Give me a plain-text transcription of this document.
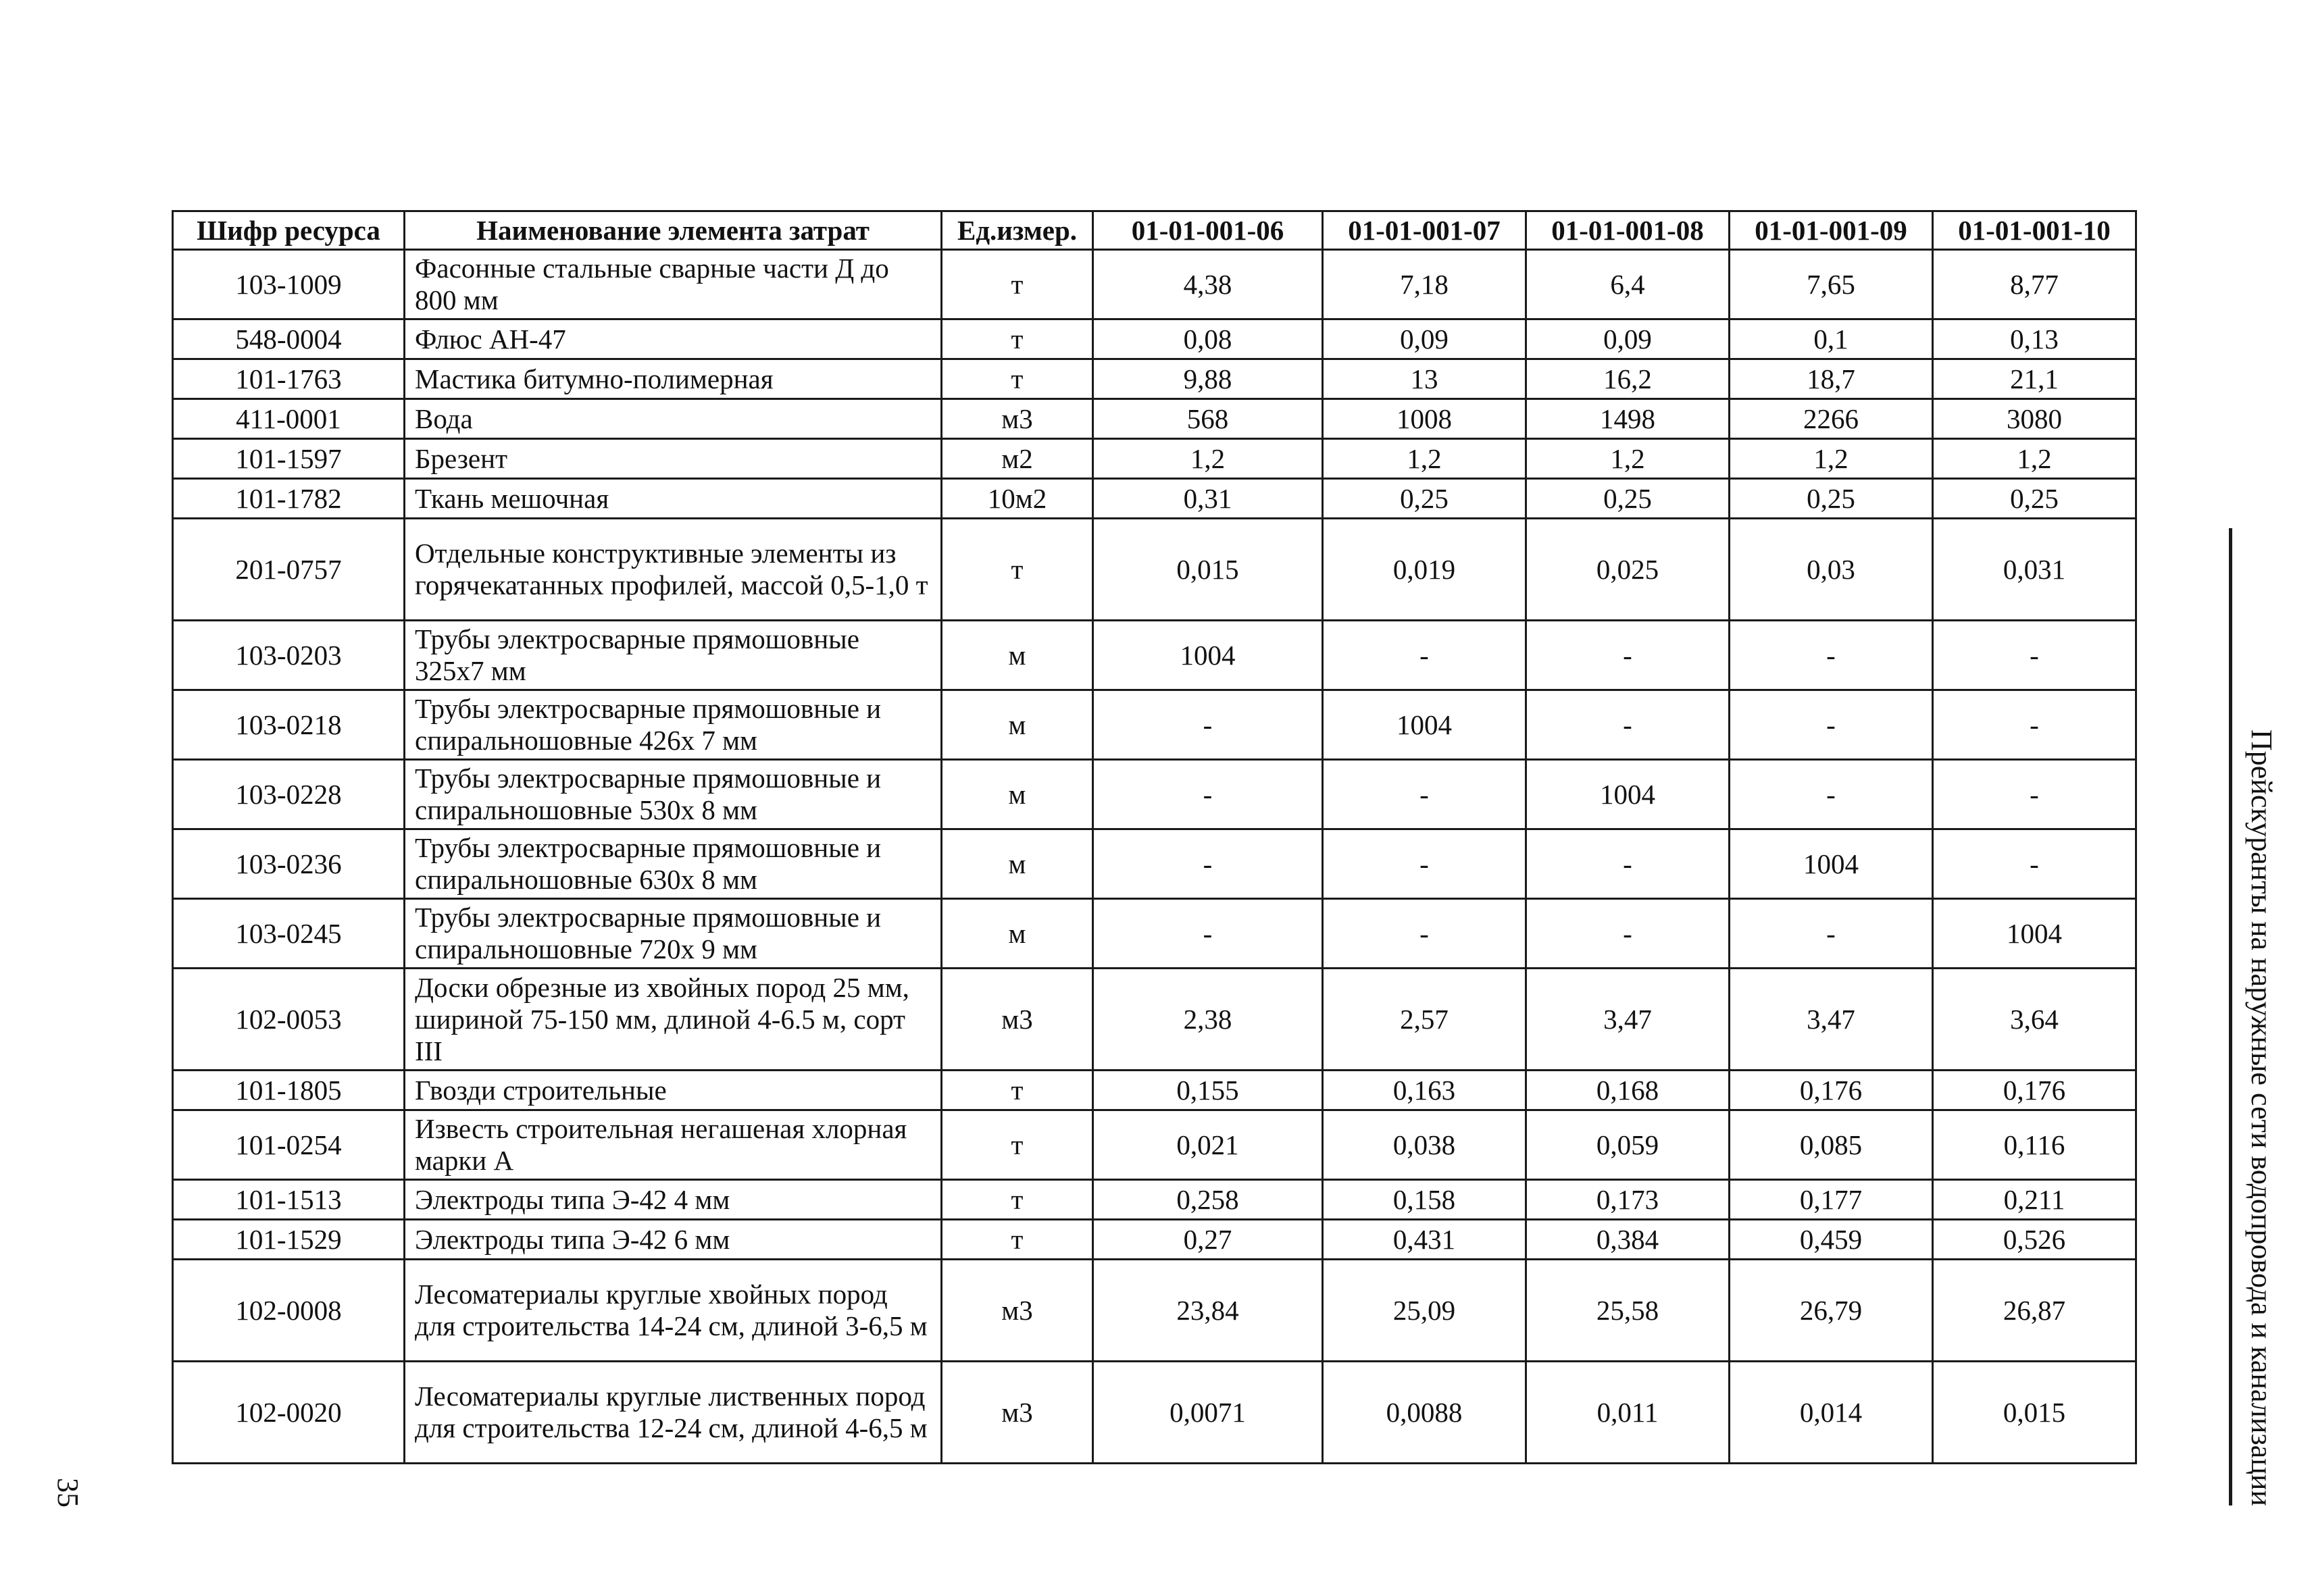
Шифр ресурса	Наименование элемента затрат	Ед.измер.	01-01-001-06	01-01-001-07	01-01-001-08	01-01-001-09	01-01-001-10
103-1009	Фасонные стальные сварные части Д до 800 мм	т	4,38	7,18	6,4	7,65	8,77
548-0004	Флюс АН-47	т	0,08	0,09	0,09	0,1	0,13
101-1763	Мастика битумно-полимерная	т	9,88	13	16,2	18,7	21,1
411-0001	Вода	м3	568	1008	1498	2266	3080
101-1597	Брезент	м2	1,2	1,2	1,2	1,2	1,2
101-1782	Ткань мешочная	10м2	0,31	0,25	0,25	0,25	0,25
201-0757	Отдельные конструктивные элементы из горячекатанных профилей, массой 0,5-1,0 т	т	0,015	0,019	0,025	0,03	0,031
103-0203	Трубы электросварные прямошовные 325х7 мм	м	1004	-	-	-	-
103-0218	Трубы электросварные прямошовные и спиральношовные 426х 7 мм	м	-	1004	-	-	-
103-0228	Трубы электросварные прямошовные и спиральношовные 530х 8 мм	м	-	-	1004	-	-
103-0236	Трубы электросварные прямошовные и спиральношовные 630х 8 мм	м	-	-	-	1004	-
103-0245	Трубы электросварные прямошовные и спиральношовные 720х 9 мм	м	-	-	-	-	1004
102-0053	Доски обрезные из хвойных пород 25 мм, шириной 75-150 мм, длиной 4-6.5 м, сорт III	м3	2,38	2,57	3,47	3,47	3,64
101-1805	Гвозди строительные	т	0,155	0,163	0,168	0,176	0,176
101-0254	Известь строительная негашеная хлорная марки А	т	0,021	0,038	0,059	0,085	0,116
101-1513	Электроды типа Э-42 4 мм	т	0,258	0,158	0,173	0,177	0,211
101-1529	Электроды типа Э-42 6 мм	т	0,27	0,431	0,384	0,459	0,526
102-0008	Лесоматериалы круглые хвойных пород для строительства 14-24 см, длиной 3-6,5 м	м3	23,84	25,09	25,58	26,79	26,87
102-0020	Лесоматериалы круглые лиственных пород для строительства 12-24 см, длиной 4-6,5 м	м3	0,0071	0,0088	0,011	0,014	0,015	Прейскуранты на наружные сети водопровода и канализации
35
